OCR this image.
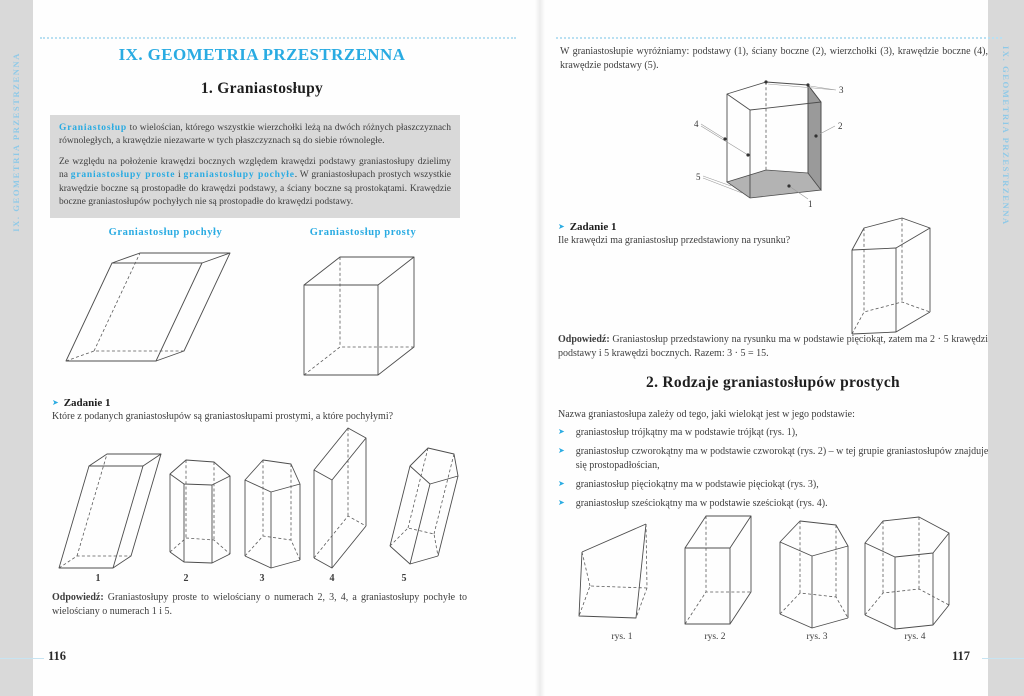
IX. GEOMETRIA PRZESTRZENNA	IX. GEOMETRIA PRZESTRZENNA
IX. GEOMETRIA PRZESTRZENNA
1. Graniastosłupy

Graniastosłup to wielościan, którego wszystkie wierzchołki leżą na dwóch różnych płaszczyznach równoległych, a krawędzie niezawarte w tych płaszczyznach są do siebie równoległe.

Ze względu na położenie krawędzi bocznych względem krawędzi podstawy graniastosłupy dzielimy na graniastosłupy proste i graniastosłupy pochyłe. W graniastosłupach prostych wszystkie krawędzie boczne są prostopadłe do krawędzi podstawy, a ściany boczne są prostokątami. Krawędzie boczne graniastosłupów pochyłych nie są prostopadłe do krawędzi podstawy.

Graniastosłup pochyły	Graniastosłup prosty
➤ Zadanie 1
Które z podanych graniastosłupów są graniastosłupami prostymi, a które pochyłymi?
1	2	3	4	5
Odpowiedź: Graniastosłupy proste to wielościany o numerach 2, 3, 4, a graniastosłupy pochyłe to wielościany o numerach 1 i 5.
116
W graniastosłupie wyróżniamy: podstawy (1), ściany boczne (2), wierzchołki (3), krawędzie boczne (4), krawędzie podstawy (5).
3
2
4
5
1
➤ Zadanie 1
Ile krawędzi ma graniastosłup przedstawiony na rysunku?
Odpowiedź: Graniastosłup przedstawiony na rysunku ma w podstawie pięciokąt, zatem ma 2 · 5 krawędzi podstawy i 5 krawędzi bocznych. Razem: 3 · 5 = 15.
2. Rodzaje graniastosłupów prostych
Nazwa graniastosłupa zależy od tego, jaki wielokąt jest w jego podstawie:
➤ graniastosłup trójkątny ma w podstawie trójkąt (rys. 1),
➤ graniastosłup czworokątny ma w podstawie czworokąt (rys. 2) – w tej grupie graniastosłupów znajduje się prostopadłościan,
➤ graniastosłup pięciokątny ma w podstawie pięciokąt (rys. 3),
➤ graniastosłup sześciokątny ma w podstawie sześciokąt (rys. 4).
rys. 1	rys. 2	rys. 3	rys. 4
117
